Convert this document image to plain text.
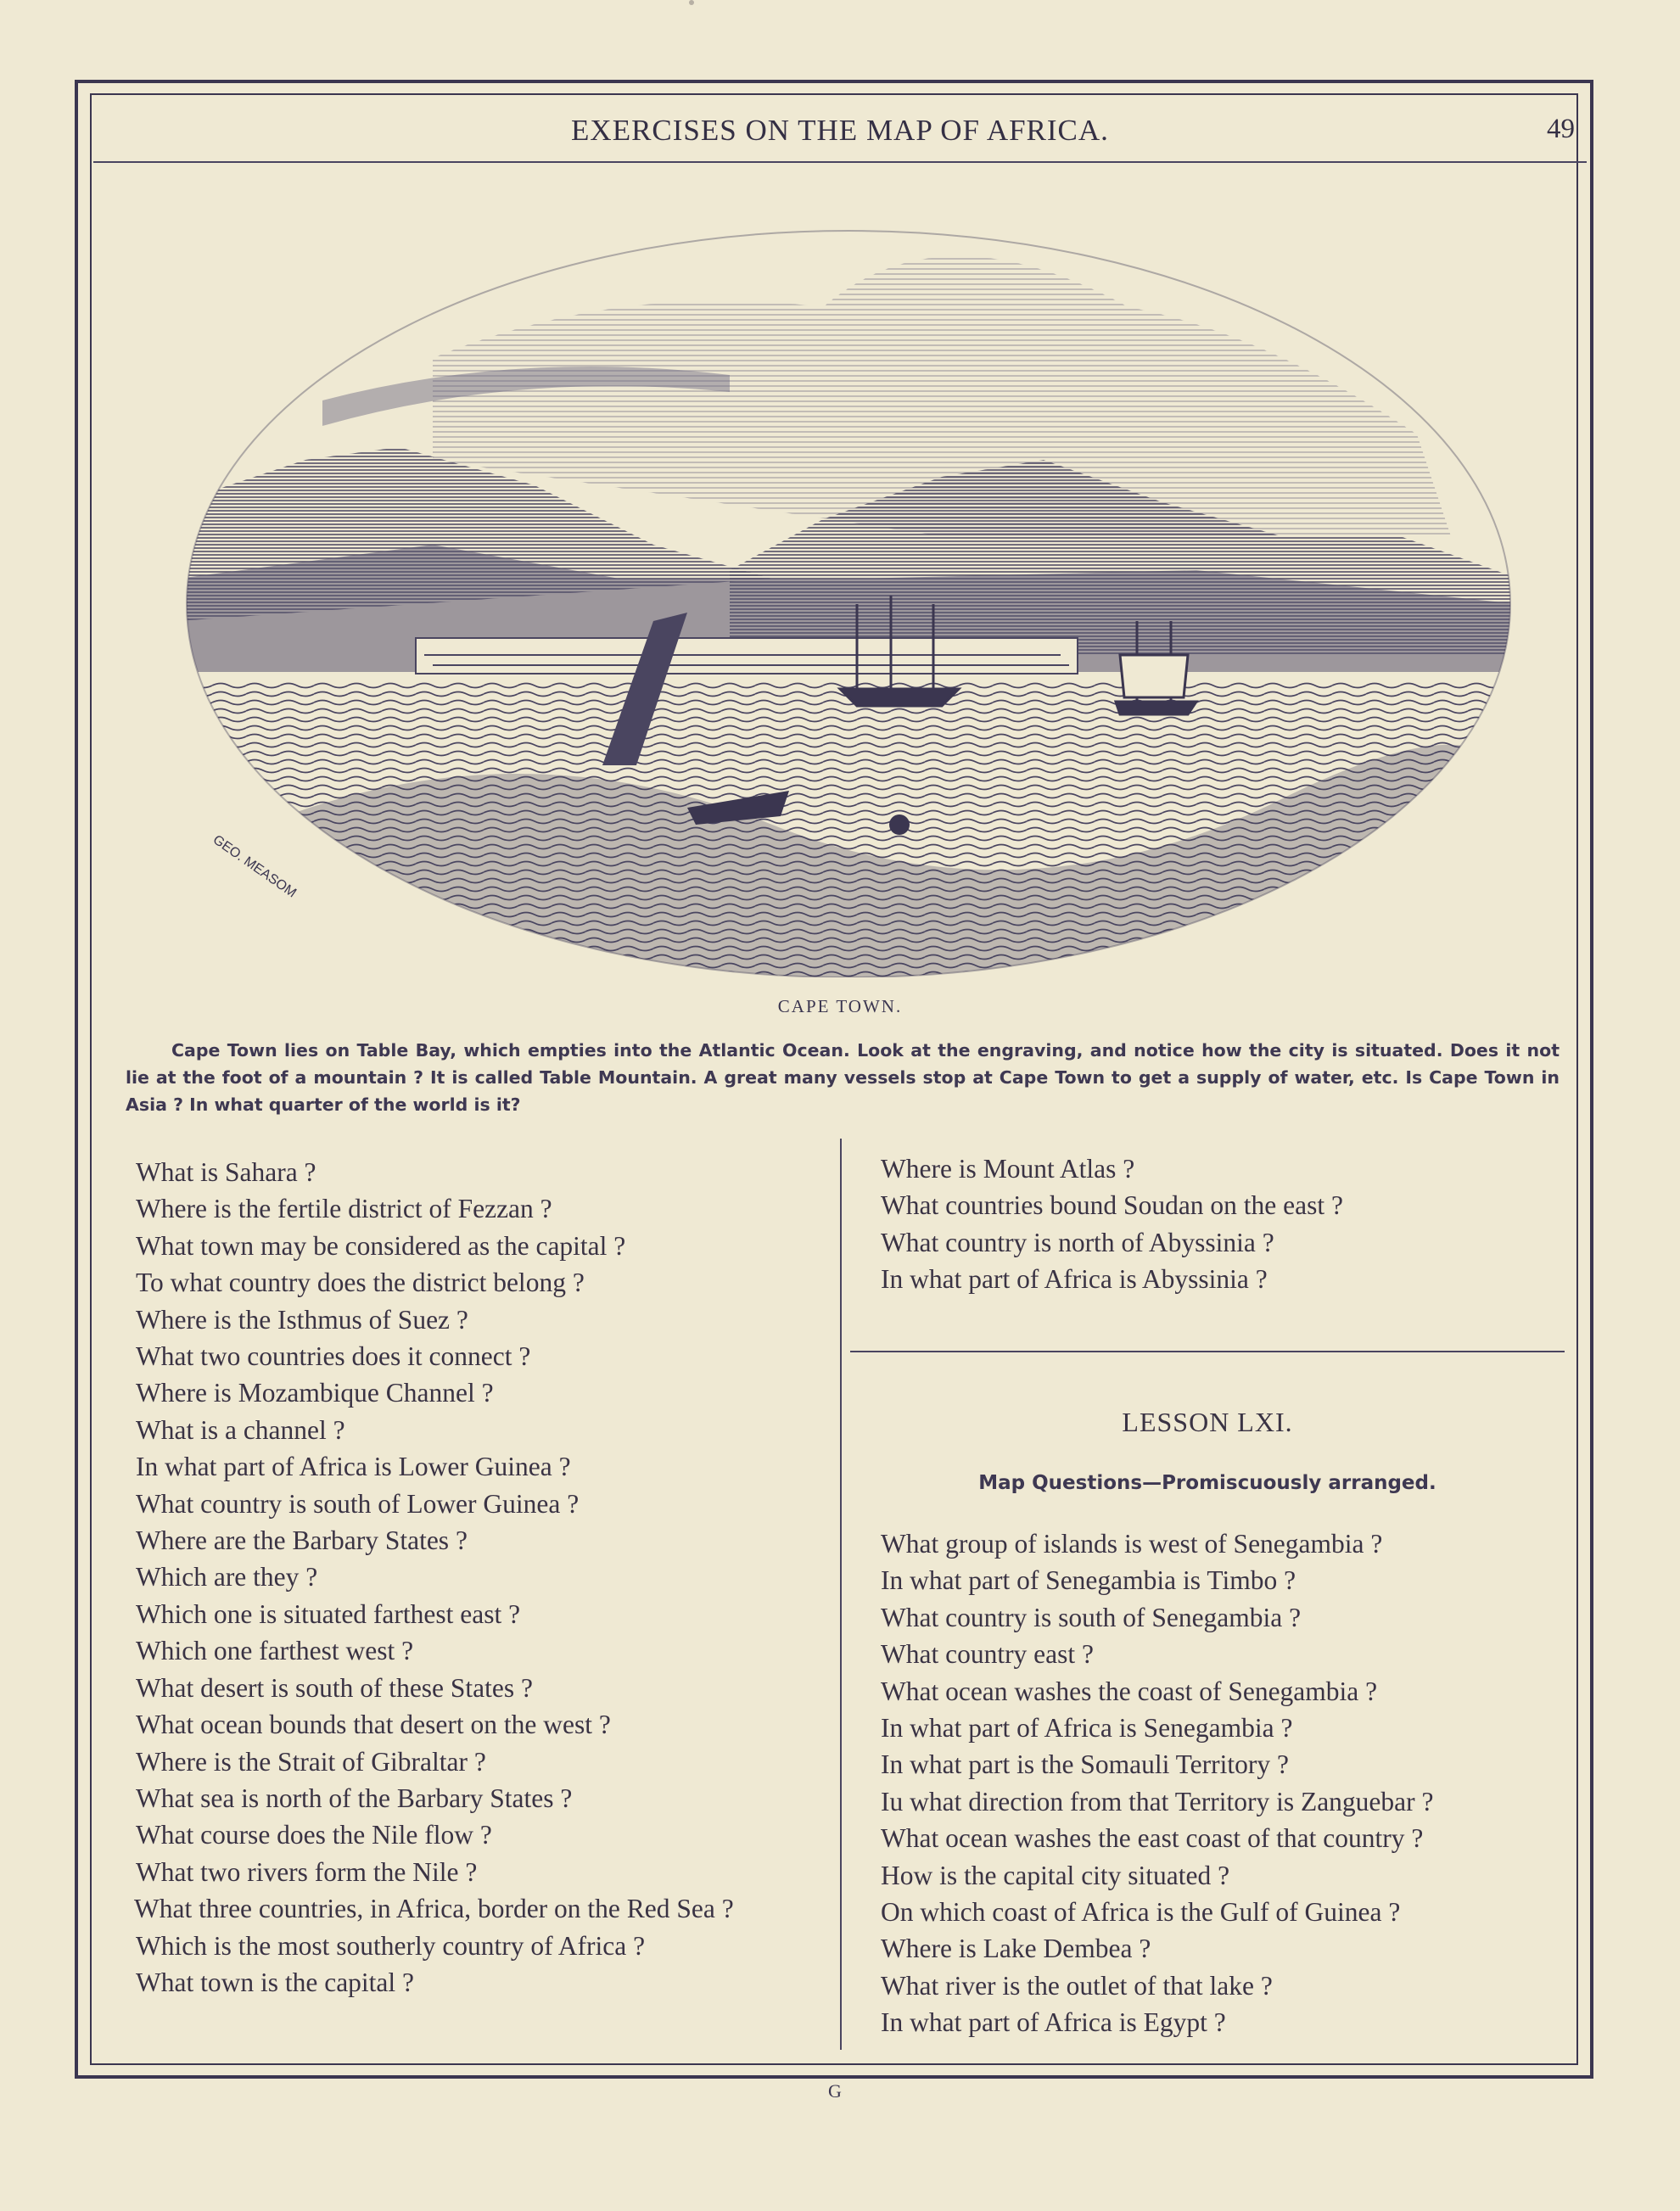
EXERCISES ON THE MAP OF AFRICA.	49
GEO. MEASOM
CAPE TOWN.
Cape Town lies on Table Bay, which empties into the Atlantic Ocean. Look at the engraving, and notice how the city is situated. Does it not lie at the foot of a mountain ? It is called Table Mountain. A great many vessels stop at Cape Town to get a supply of water, etc. Is Cape Town in Asia ? In what quarter of the world is it?
What is Sahara ?
Where is the fertile district of Fezzan ?
What town may be considered as the capital ?
To what country does the district belong ?
Where is the Isthmus of Suez ?
What two countries does it connect ?
Where is Mozambique Channel ?
What is a channel ?
In what part of Africa is Lower Guinea ?
What country is south of Lower Guinea ?
Where are the Barbary States ?
Which are they ?
Which one is situated farthest east ?
Which one farthest west ?
What desert is south of these States ?
What ocean bounds that desert on the west ?
Where is the Strait of Gibraltar ?
What sea is north of the Barbary States ?
What course does the Nile flow ?
What two rivers form the Nile ?
What three countries, in Africa, border on the Red Sea ?
Which is the most southerly country of Africa ?
What town is the capital ?
Where is Mount Atlas ?
What countries bound Soudan on the east ?
What country is north of Abyssinia ?
In what part of Africa is Abyssinia ?
LESSON LXI.
Map Questions—Promiscuously arranged.
What group of islands is west of Senegambia ?
In what part of Senegambia is Timbo ?
What country is south of Senegambia ?
What country east ?
What ocean washes the coast of Senegambia ?
In what part of Africa is Senegambia ?
In what part is the Somauli Territory ?
Iu what direction from that Territory is Zanguebar ?
What ocean washes the east coast of that country ?
How is the capital city situated ?
On which coast of Africa is the Gulf of Guinea ?
Where is Lake Dembea ?
What river is the outlet of that lake ?
In what part of Africa is Egypt ?
G
